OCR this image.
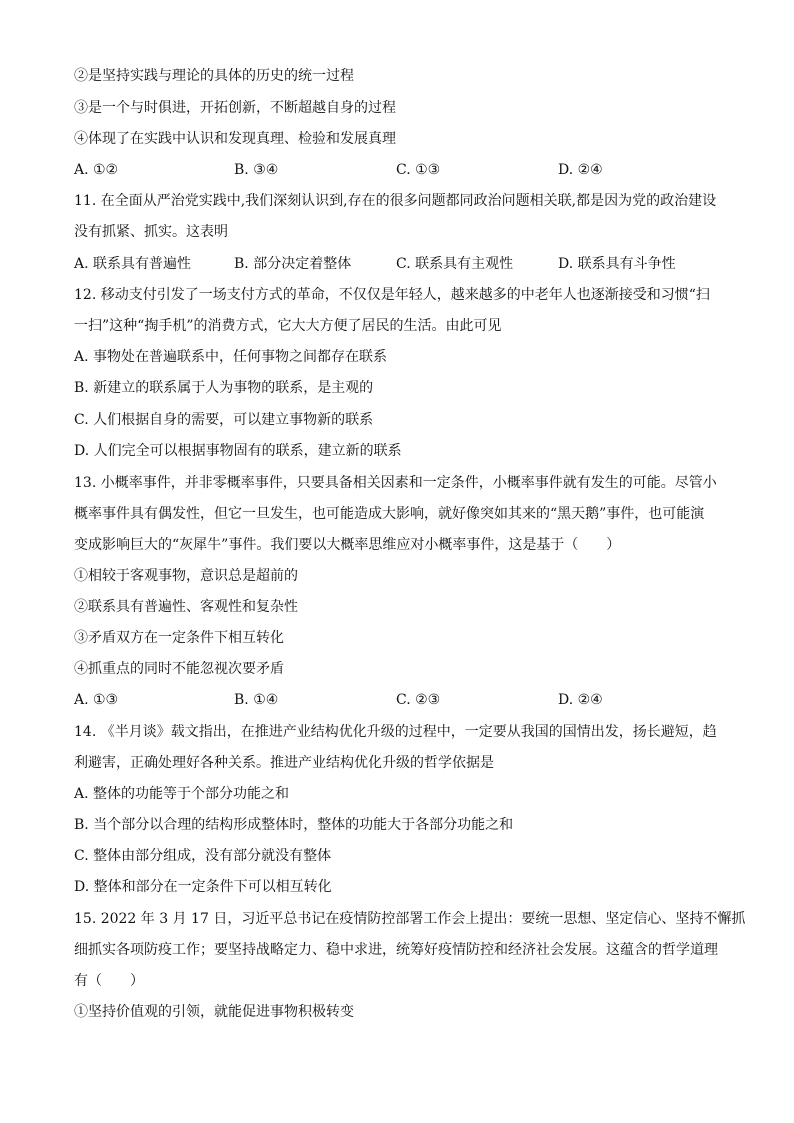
②是坚持实践与理论的具体的历史的统一过程
③是一个与时俱进，开拓创新，不断超越自身的过程
④体现了在实践中认识和发现真理、检验和发展真理
A. ①②	B. ③④	C. ①③	D. ②④
11. 在全面从严治党实践中,我们深刻认识到,存在的很多问题都同政治问题相关联,都是因为党的政治建设
没有抓紧、抓实。这表明
A. 联系具有普遍性	B. 部分决定着整体	C. 联系具有主观性	D. 联系具有斗争性
12. 移动支付引发了一场支付方式的革命，不仅仅是年轻人，越来越多的中老年人也逐渐接受和习惯“扫
一扫”这种“掏手机”的消费方式，它大大方便了居民的生活。由此可见
A. 事物处在普遍联系中，任何事物之间都存在联系
B. 新建立的联系属于人为事物的联系，是主观的
C. 人们根据自身的需要，可以建立事物新的联系
D. 人们完全可以根据事物固有的联系，建立新的联系
13. 小概率事件，并非零概率事件，只要具备相关因素和一定条件，小概率事件就有发生的可能。尽管小
概率事件具有偶发性，但它一旦发生，也可能造成大影响，就好像突如其来的“黑天鹅”事件，也可能演
变成影响巨大的“灰犀牛”事件。我们要以大概率思维应对小概率事件，这是基于（　　）
①相较于客观事物，意识总是超前的
②联系具有普遍性、客观性和复杂性
③矛盾双方在一定条件下相互转化
④抓重点的同时不能忽视次要矛盾
A. ①③	B. ①④	C. ②③	D. ②④
14. 《半月谈》载文指出，在推进产业结构优化升级的过程中，一定要从我国的国情出发，扬长避短，趋
利避害，正确处理好各种关系。推进产业结构优化升级的哲学依据是
A. 整体的功能等于个部分功能之和
B. 当个部分以合理的结构形成整体时，整体的功能大于各部分功能之和
C. 整体由部分组成，没有部分就没有整体
D. 整体和部分在一定条件下可以相互转化
15. 2022 年 3 月 17 日，习近平总书记在疫情防控部署工作会上提出：要统一思想、坚定信心、坚持不懈抓
细抓实各项防疫工作；要坚持战略定力、稳中求进，统筹好疫情防控和经济社会发展。这蕴含的哲学道理
有（　　）
①坚持价值观的引领，就能促进事物积极转变
